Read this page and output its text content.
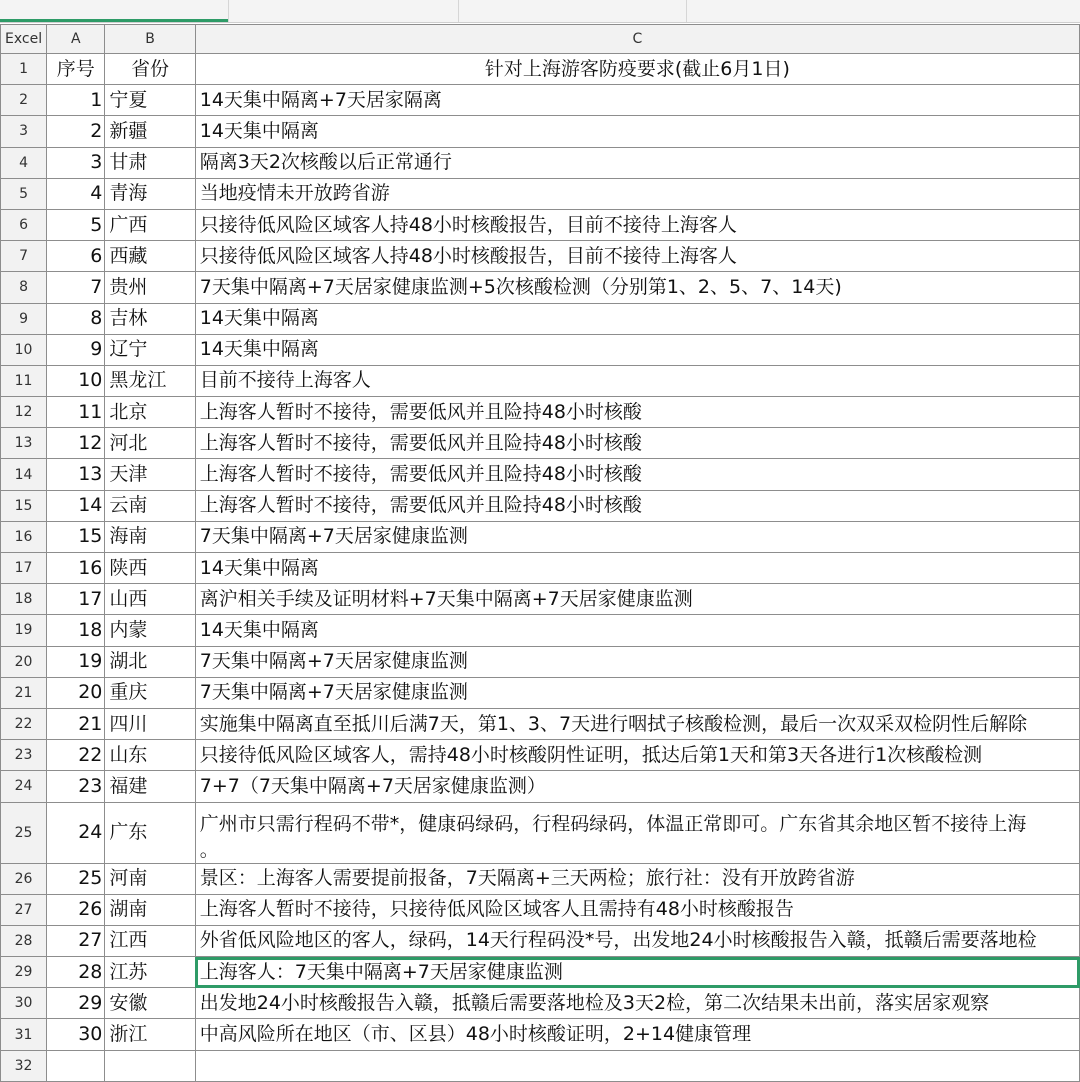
Excel	A	B	C
1	序号	省份	针对上海游客防疫要求(截止6月1日)
2	1	宁夏	14天集中隔离+7天居家隔离
3	2	新疆	14天集中隔离
4	3	甘肃	隔离3天2次核酸以后正常通行
5	4	青海	当地疫情未开放跨省游
6	5	广西	只接待低风险区域客人持48小时核酸报告，目前不接待上海客人
7	6	西藏	只接待低风险区域客人持48小时核酸报告，目前不接待上海客人
8	7	贵州	7天集中隔离+7天居家健康监测+5次核酸检测（分别第1、2、5、7、14天)
9	8	吉林	14天集中隔离
10	9	辽宁	14天集中隔离
11	10	黑龙江	目前不接待上海客人
12	11	北京	上海客人暂时不接待，需要低风并且险持48小时核酸
13	12	河北	上海客人暂时不接待，需要低风并且险持48小时核酸
14	13	天津	上海客人暂时不接待，需要低风并且险持48小时核酸
15	14	云南	上海客人暂时不接待，需要低风并且险持48小时核酸
16	15	海南	7天集中隔离+7天居家健康监测
17	16	陕西	14天集中隔离
18	17	山西	离沪相关手续及证明材料+7天集中隔离+7天居家健康监测
19	18	内蒙	14天集中隔离
20	19	湖北	7天集中隔离+7天居家健康监测
21	20	重庆	7天集中隔离+7天居家健康监测
22	21	四川	实施集中隔离直至抵川后满7天，第1、3、7天进行咽拭子核酸检测，最后一次双采双检阴性后解除
23	22	山东	只接待低风险区域客人，需持48小时核酸阴性证明，抵达后第1天和第3天各进行1次核酸检测
24	23	福建	7+7（7天集中隔离+7天居家健康监测）
25	24	广东	广州市只需行程码不带*，健康码绿码，行程码绿码，体温正常即可。广东省其余地区暂不接待上海
。
26	25	河南	景区：上海客人需要提前报备，7天隔离+三天两检；旅行社：没有开放跨省游
27	26	湖南	上海客人暂时不接待，只接待低风险区域客人且需持有48小时核酸报告
28	27	江西	外省低风险地区的客人，绿码，14天行程码没*号，出发地24小时核酸报告入赣，抵赣后需要落地检
29	28	江苏	上海客人：7天集中隔离+7天居家健康监测
30	29	安徽	出发地24小时核酸报告入赣，抵赣后需要落地检及3天2检，第二次结果未出前，落实居家观察
31	30	浙江	中高风险所在地区（市、区县）48小时核酸证明，2+14健康管理
32			
